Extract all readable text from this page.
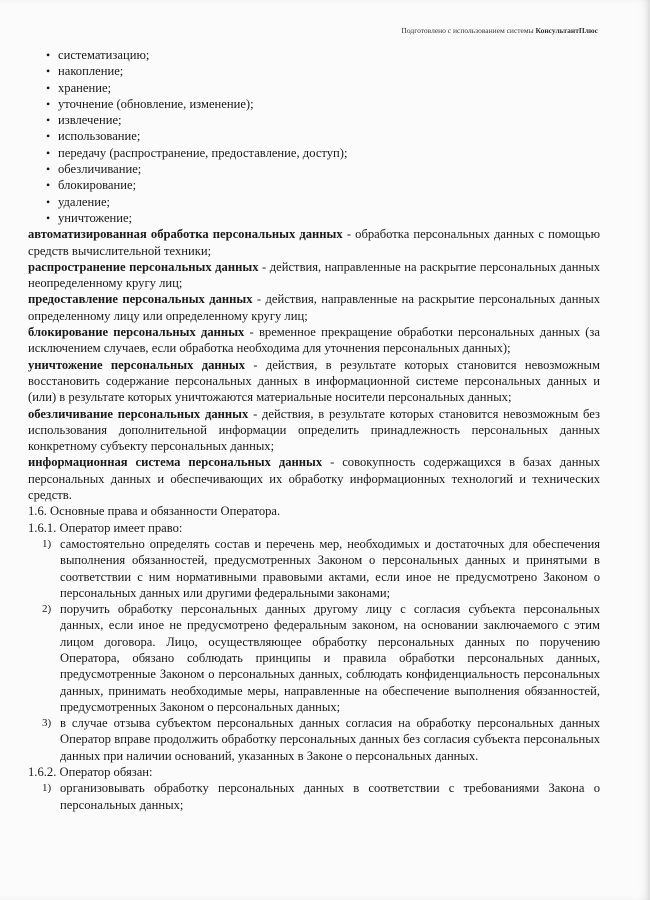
Подготовлено с использованием системы КонсультантПлюс
• систематизацию;
• накопление;
• хранение;
• уточнение (обновление, изменение);
• извлечение;
• использование;
• передачу (распространение, предоставление, доступ);
• обезличивание;
• блокирование;
• удаление;
• уничтожение;

автоматизированная обработка персональных данных - обработка персональных данных с помощью средств вычислительной техники;

распространение персональных данных - действия, направленные на раскрытие персональных данных неопределенному кругу лиц;

предоставление персональных данных - действия, направленные на раскрытие персональных данных определенному лицу или определенному кругу лиц;

блокирование персональных данных - временное прекращение обработки персональных данных (за исключением случаев, если обработка необходима для уточнения персональных данных);

уничтожение персональных данных - действия, в результате которых становится невозможным восстановить содержание персональных данных в информационной системе персональных данных и (или) в результате которых уничтожаются материальные носители персональных данных;

обезличивание персональных данных - действия, в результате которых становится невозможным без использования дополнительной информации определить принадлежность персональных данных конкретному субъекту персональных данных;

информационная система персональных данных - совокупность содержащихся в базах данных персональных данных и обеспечивающих их обработку информационных технологий и технических средств.

1.6. Основные права и обязанности Оператора.

1.6.1. Оператор имеет право:

1) самостоятельно определять состав и перечень мер, необходимых и достаточных для обеспечения выполнения обязанностей, предусмотренных Законом о персональных данных и принятыми в соответствии с ним нормативными правовыми актами, если иное не предусмотрено Законом о персональных данных или другими федеральными законами;
2) поручить обработку персональных данных другому лицу с согласия субъекта персональных данных, если иное не предусмотрено федеральным законом, на основании заключаемого с этим лицом договора. Лицо, осуществляющее обработку персональных данных по поручению Оператора, обязано соблюдать принципы и правила обработки персональных данных, предусмотренные Законом о персональных данных, соблюдать конфиденциальность персональных данных, принимать необходимые меры, направленные на обеспечение выполнения обязанностей, предусмотренных Законом о персональных данных;
3) в случае отзыва субъектом персональных данных согласия на обработку персональных данных Оператор вправе продолжить обработку персональных данных без согласия субъекта персональных данных при наличии оснований, указанных в Законе о персональных данных.

1.6.2. Оператор обязан:

1) организовывать обработку персональных данных в соответствии с требованиями Закона о персональных данных;
